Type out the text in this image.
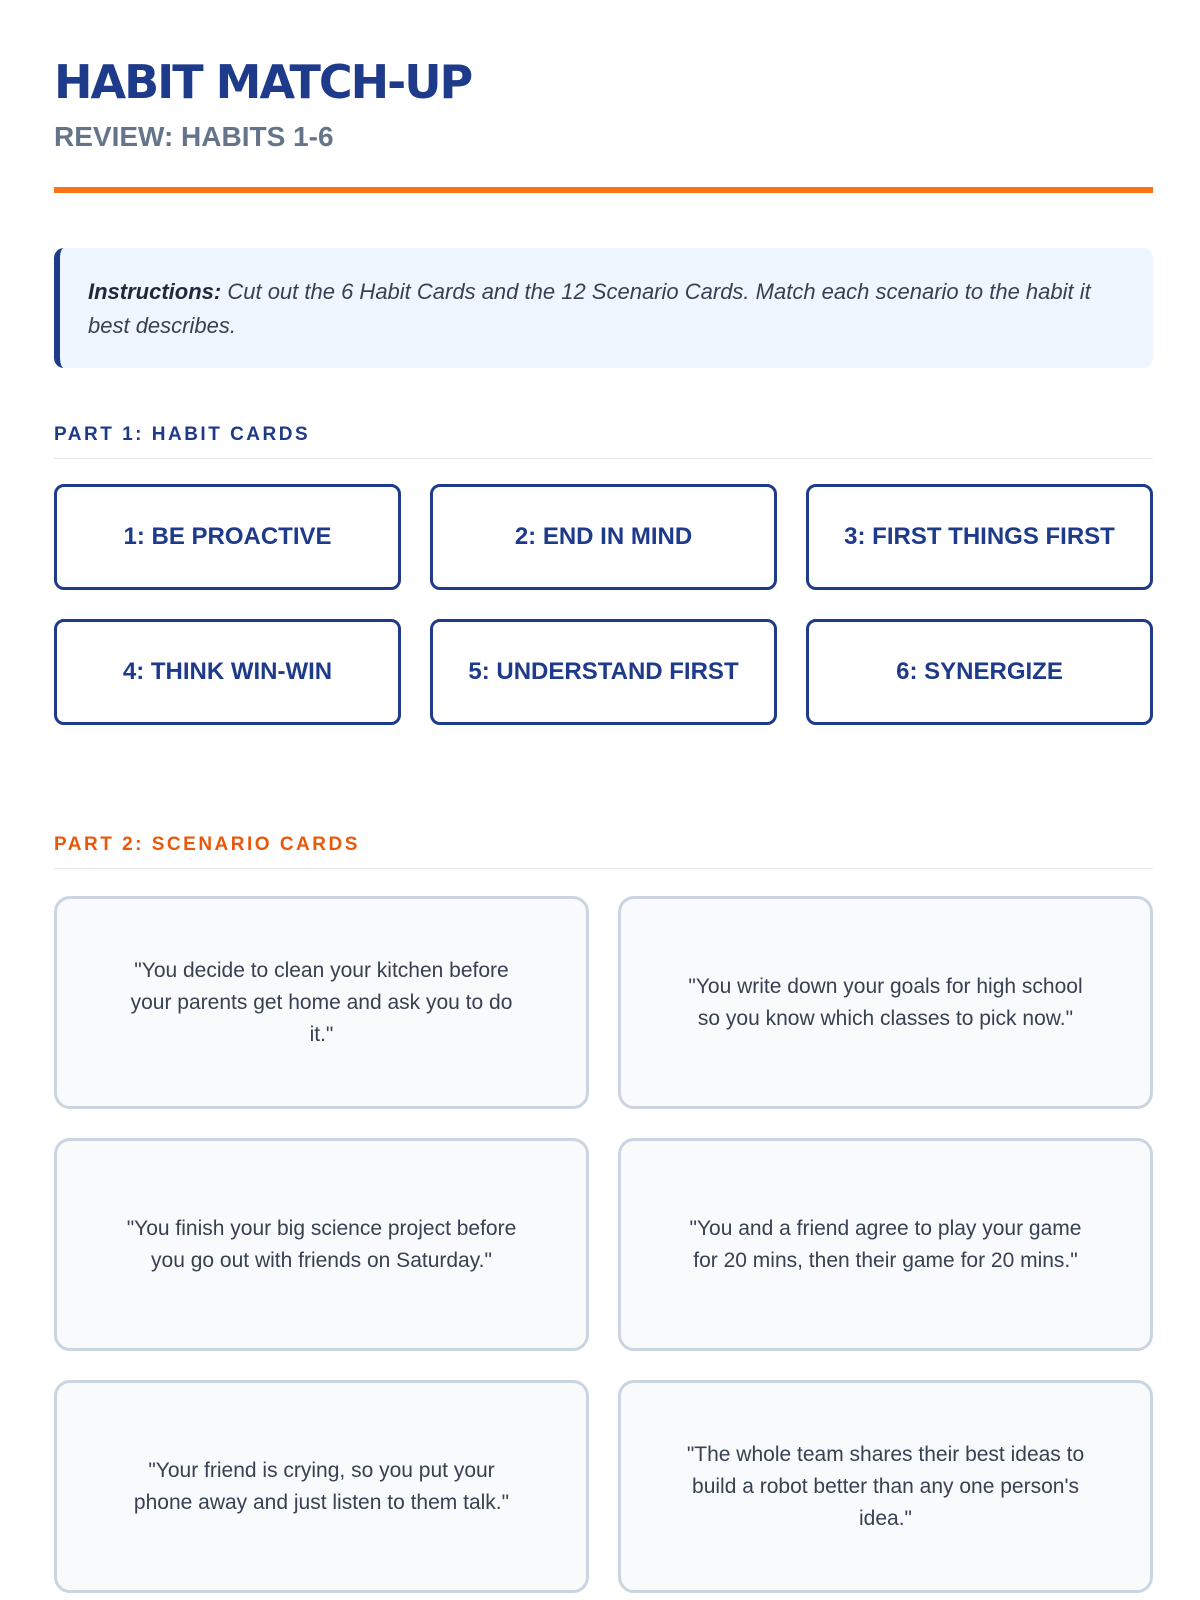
HABIT MATCH-UP
REVIEW: HABITS 1-6
Instructions: Cut out the 6 Habit Cards and the 12 Scenario Cards. Match each scenario to the habit it best describes.
PART 1: HABIT CARDS
1: BE PROACTIVE	2: END IN MIND	3: FIRST THINGS FIRST
4: THINK WIN-WIN	5: UNDERSTAND FIRST	6: SYNERGIZE
PART 2: SCENARIO CARDS
"You decide to clean your kitchen before your parents get home and ask you to do it."
"You write down your goals for high school so you know which classes to pick now."
"You finish your big science project before you go out with friends on Saturday."
"You and a friend agree to play your game for 20 mins, then their game for 20 mins."
"Your friend is crying, so you put your phone away and just listen to them talk."
"The whole team shares their best ideas to build a robot better than any one person's idea."
